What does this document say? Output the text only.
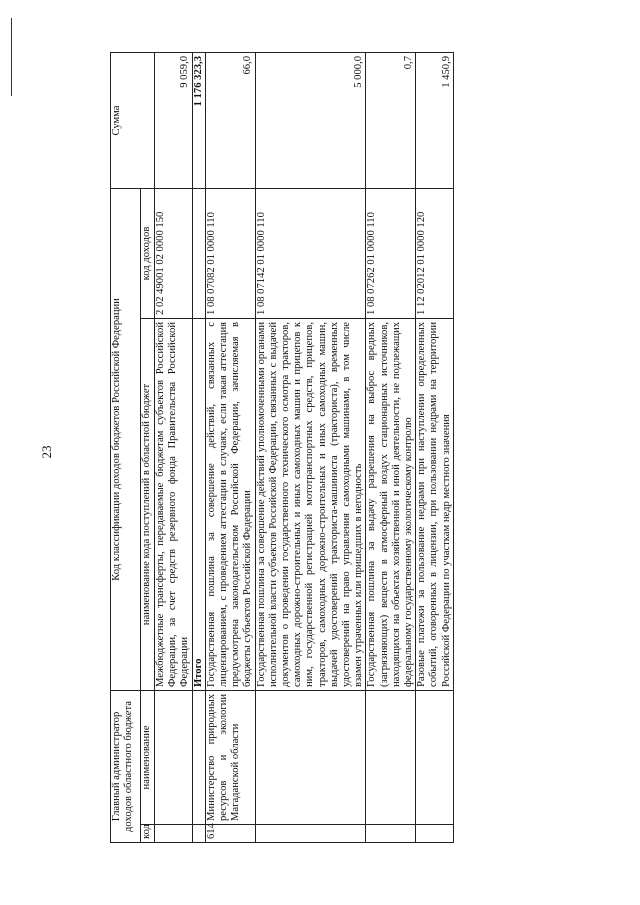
23
Главный администратор доходов областного бюджета		Код классификации доходов бюджетов Российской Федерации		Сумма
код	наименование	наименование кода поступлений в областной бюджет	код доходов	
		Межбюджетные трансферты, передаваемые бюджетам субъектов Российской Федерации, за счет средств резервного фонда Правительства Российской Федерации	2 02 49001 02 0000 150	9 059,0
		Итого		1 176 323,3
614	Министерство природных ресурсов и экологии Магаданской области	Государственная пошлина за совершение действий, связанных с лицензированием, с проведением аттестации в случаях, если такая аттестация предусмотрена законодательством Российской Федерации, зачисляемая в бюджеты субъектов Российской Федерации	1 08 07082 01 0000 110	66,0
		Государственная пошлина за совершение действий уполномоченными органами исполнительной власти субъектов Российской Федерации, связанных с выдачей документов о проведении государственного технического осмотра тракторов, самоходных дорожно-строительных и иных самоходных машин и прицепов к ним, государственной регистрацией мототранспортных средств, прицепов, тракторов, самоходных дорожно-строительных и иных самоходных машин, выдачей удостоверений тракториста-машиниста (тракториста), временных удостоверений на право управления самоходными машинами, в том числе взамен утраченных или пришедших в негодность	1 08 07142 01 0000 110	5 000,0
		Государственная пошлина за выдачу разрешения на выброс вредных (загрязняющих) веществ в атмосферный воздух стационарных источников, находящихся на объектах хозяйственной и иной деятельности, не подлежащих федеральному государственному экологическому контролю	1 08 07262 01 0000 110	0,7
		Разовые платежи за пользование недрами при наступлении определенных событий, оговоренных в лицензии, при пользовании недрами на территории Российской Федерации по участкам недр местного значения	1 12 02012 01 0000 120	1 450,9
